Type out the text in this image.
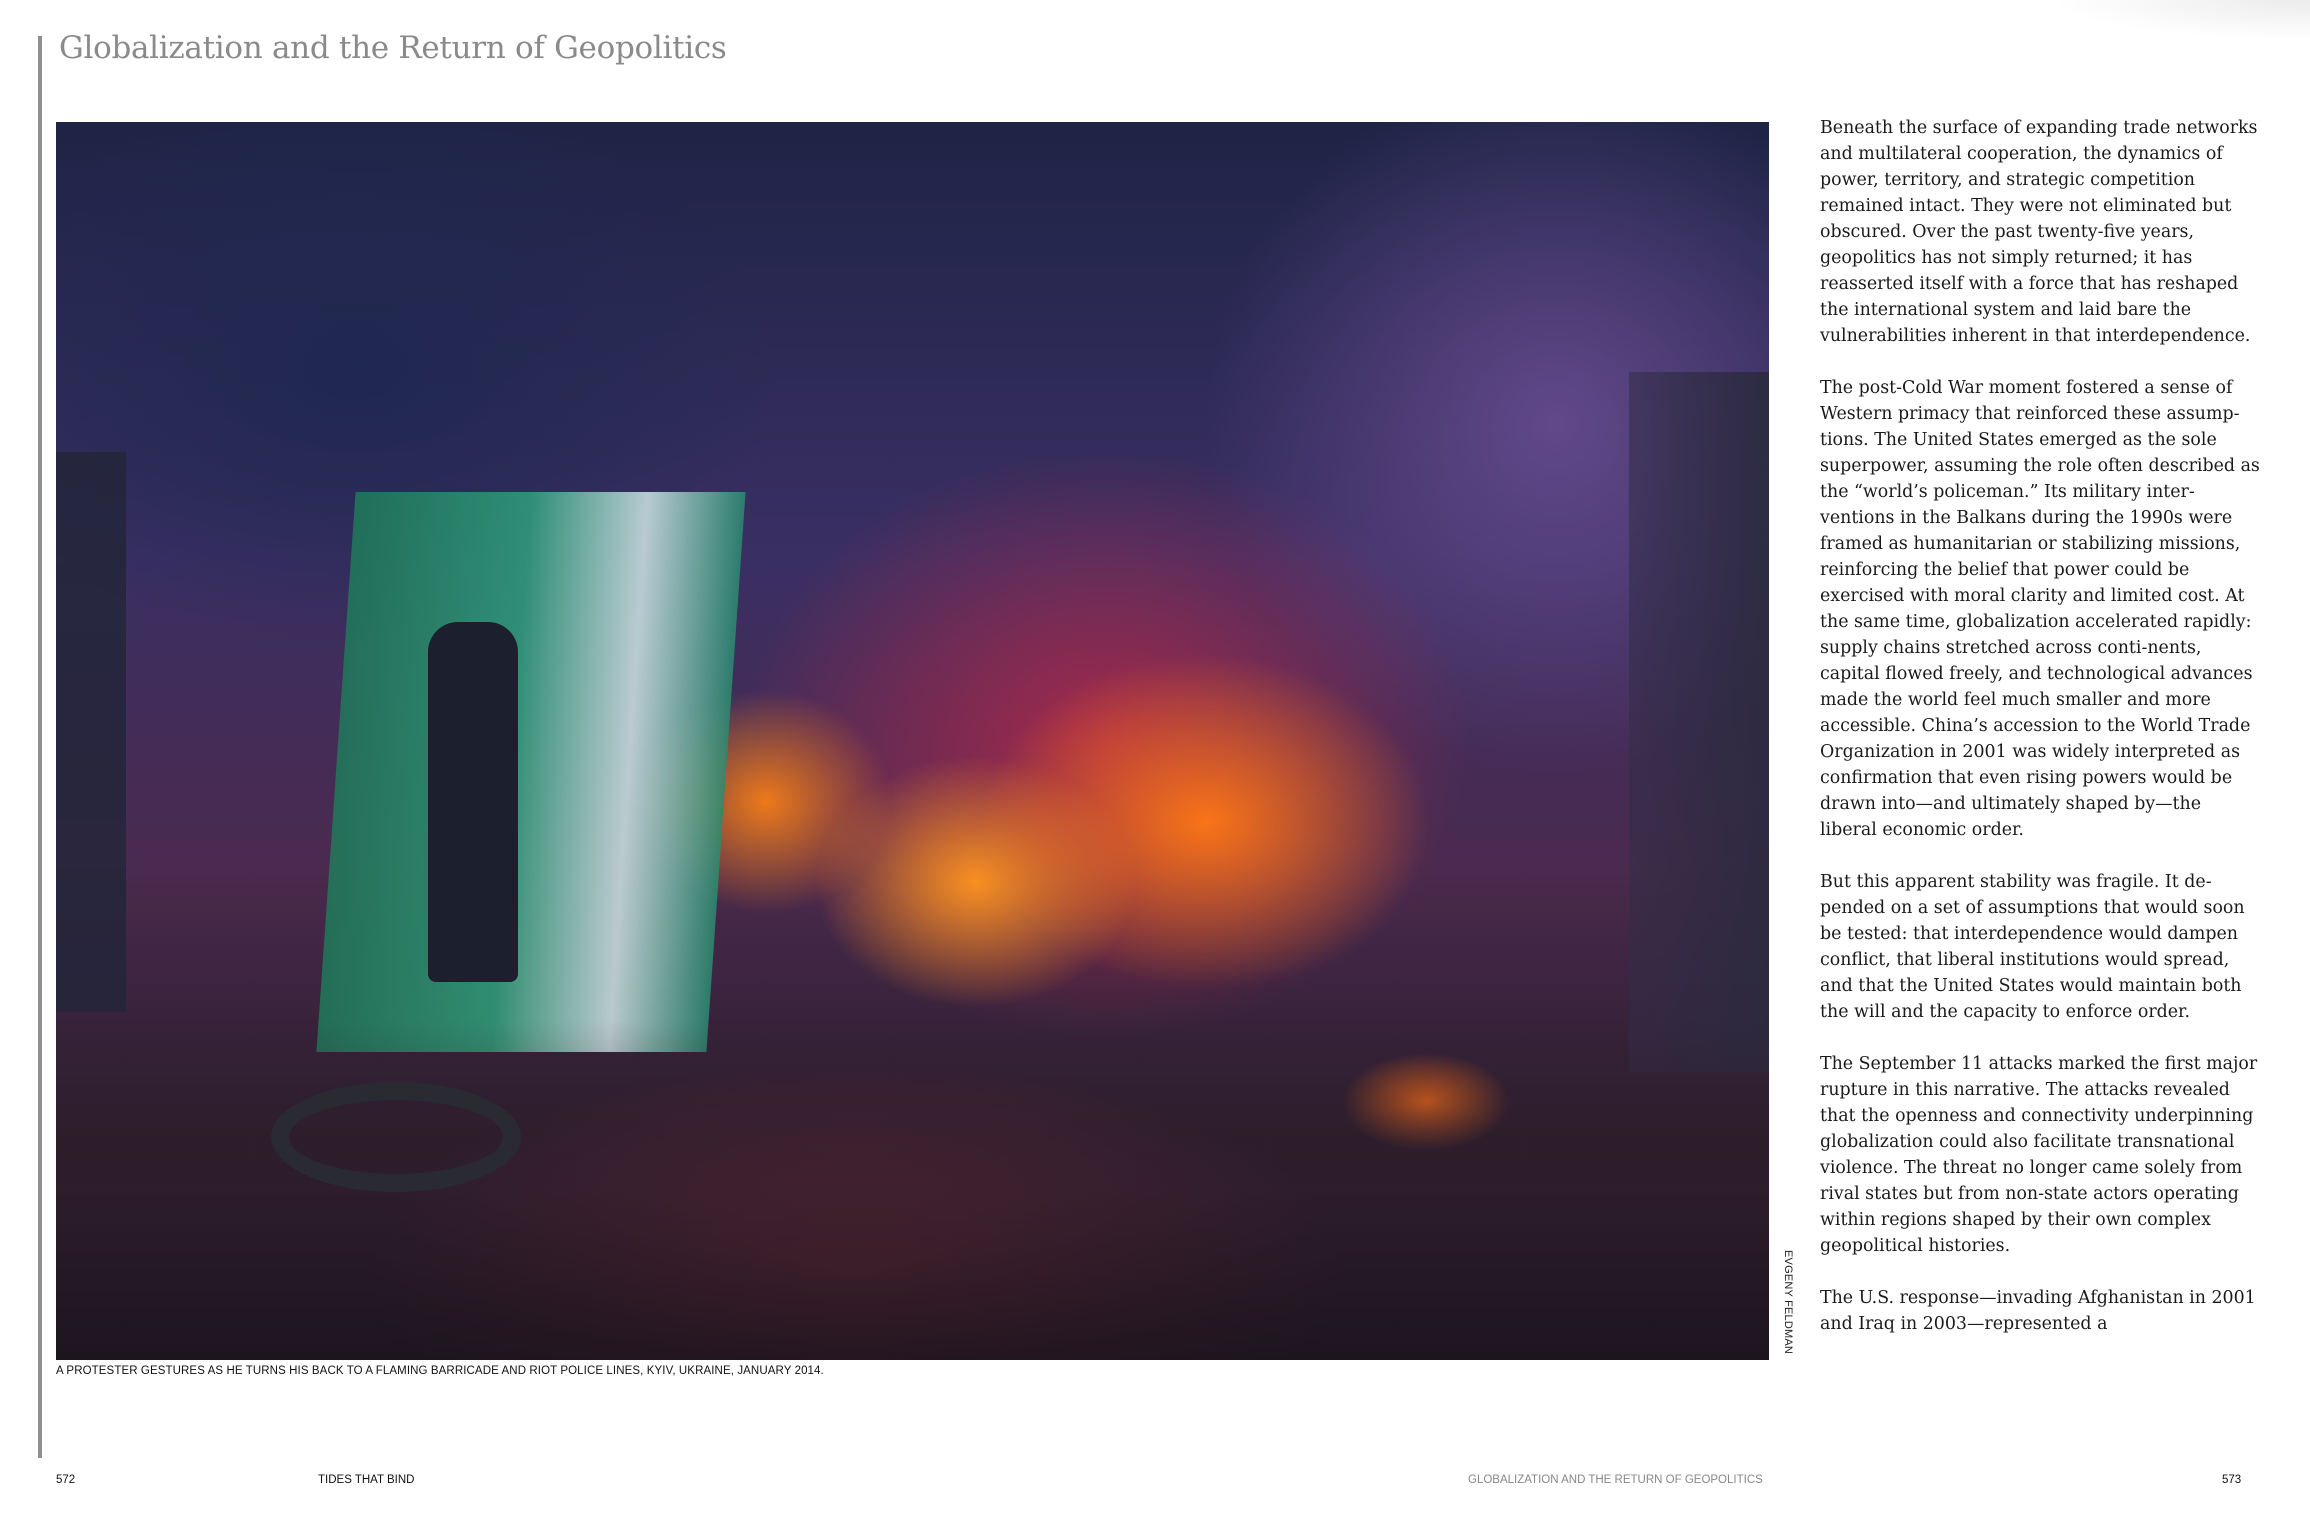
Globalization and the Return of Geopolitics
EVGENY FELDMAN
A PROTESTER GESTURES AS HE TURNS HIS BACK TO A FLAMING BARRICADE AND RIOT POLICE LINES, KYIV, UKRAINE, JANUARY 2014.

Beneath the surface of expanding trade networks and multilateral cooperation, the dynamics of power, territory, and strategic competition remained intact. They were not eliminated but obscured. Over the past twenty-five years, geopolitics has not simply returned; it has reasserted itself with a force that has reshaped the international system and laid bare the vulnerabilities inherent in that interdependence.

The post-Cold War moment fostered a sense of Western primacy that reinforced these assump-tions. The United States emerged as the sole superpower, assuming the role often described as the “world’s policeman.” Its military inter-ventions in the Balkans during the 1990s were framed as humanitarian or stabilizing missions, reinforcing the belief that power could be exercised with moral clarity and limited cost. At the same time, globalization accelerated rapidly: supply chains stretched across conti-nents, capital flowed freely, and technological advances made the world feel much smaller and more accessible. China’s accession to the World Trade Organization in 2001 was widely interpreted as confirmation that even rising powers would be drawn into—and ultimately shaped by—the liberal economic order.

But this apparent stability was fragile. It de-pended on a set of assumptions that would soon be tested: that interdependence would dampen conflict, that liberal institutions would spread, and that the United States would maintain both the will and the capacity to enforce order.

The September 11 attacks marked the first major rupture in this narrative. The attacks revealed that the openness and connectivity underpinning globalization could also facilitate transnational violence. The threat no longer came solely from rival states but from non-state actors operating within regions shaped by their own complex geopolitical histories.

The U.S. response—invading Afghanistan in 2001 and Iraq in 2003—represented a

572	TIDES THAT BIND	GLOBALIZATION AND THE RETURN OF GEOPOLITICS	573
